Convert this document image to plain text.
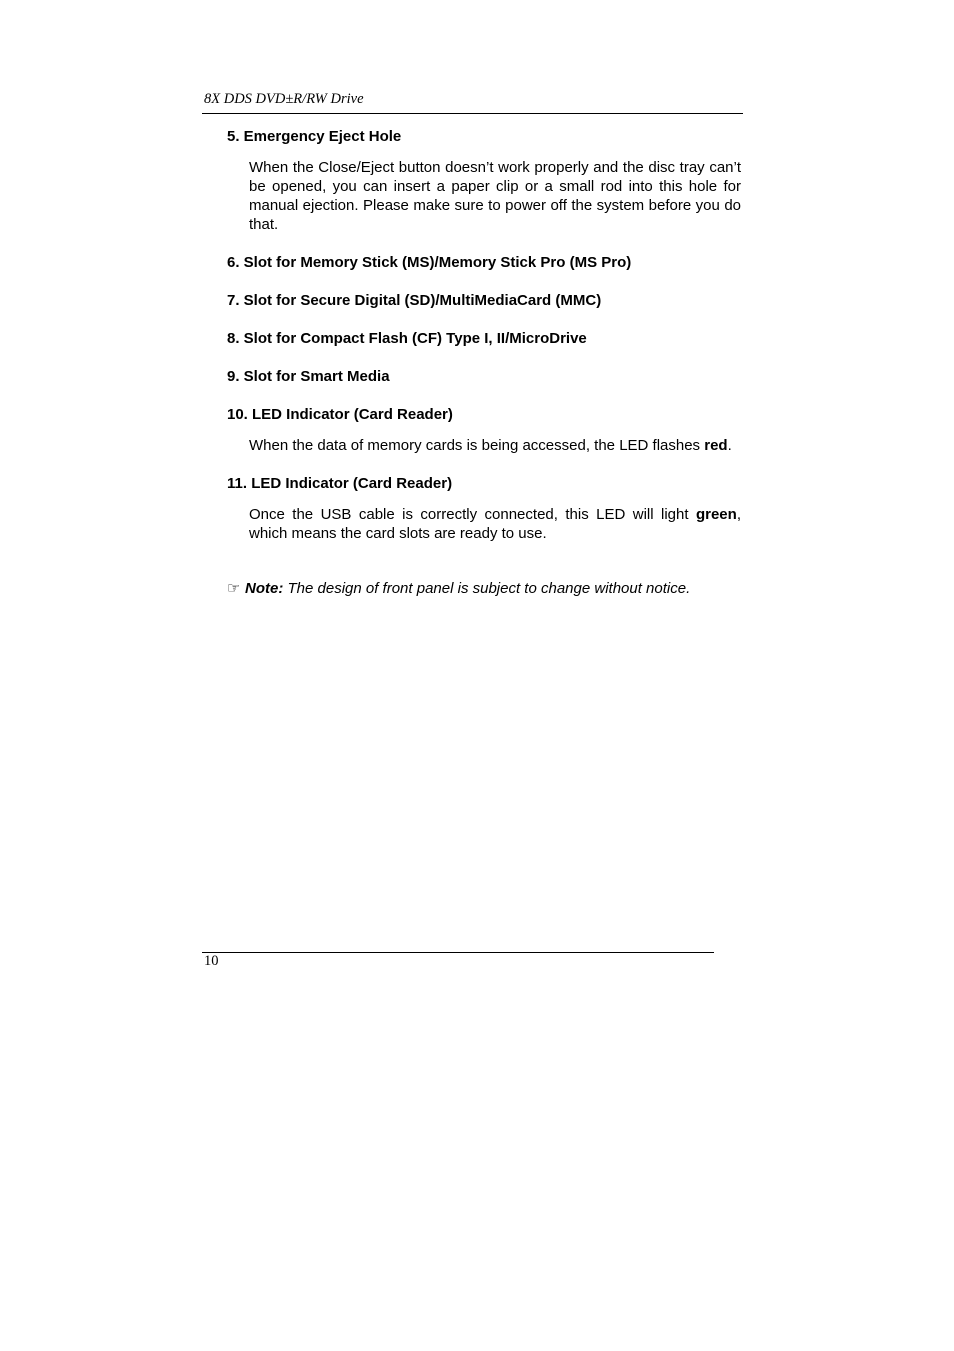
8X DDS DVD±R/RW Drive

5. Emergency Eject Hole

When the Close/Eject button doesn’t work properly and the disc tray can’t be opened, you can insert a paper clip or a small rod into this hole for manual ejection. Please make sure to power off the system before you do that.

6. Slot for Memory Stick (MS)/Memory Stick Pro (MS Pro)

7. Slot for Secure Digital (SD)/MultiMediaCard (MMC)

8. Slot for Compact Flash (CF) Type I, II/MicroDrive

9. Slot for Smart Media

10. LED Indicator (Card Reader)

When the data of memory cards is being accessed, the LED flashes red.

11. LED Indicator (Card Reader)

Once the USB cable is correctly connected, this LED will light green, which means the card slots are ready to use.

☞ Note: The design of front panel is subject to change without notice.

10
